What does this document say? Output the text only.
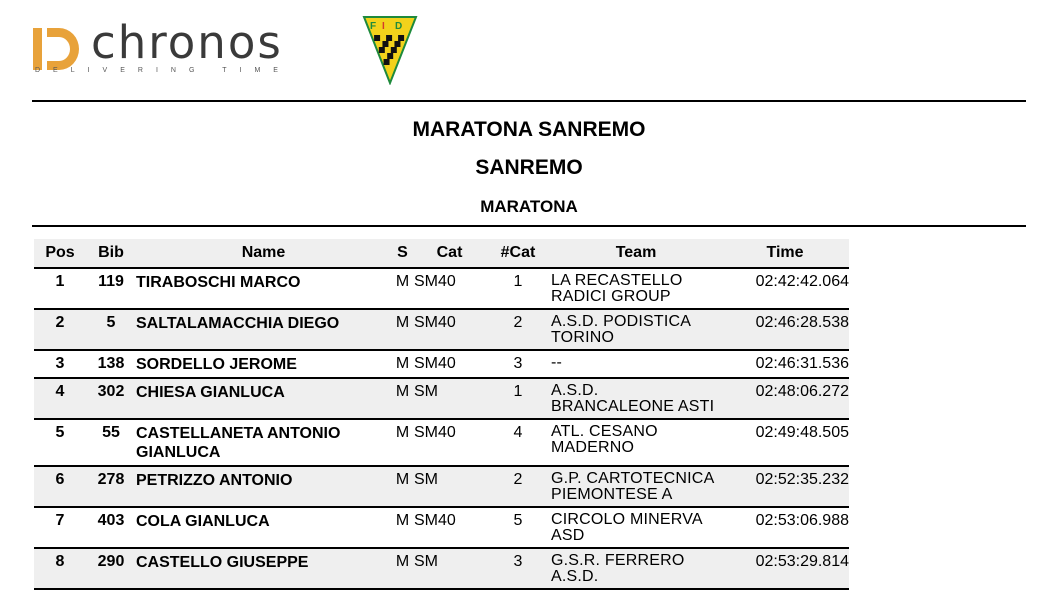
chronos
DELIVERING TIME
F I D
MARATONA SANREMO
SANREMO
MARATONA
Pos	Bib	Name	S	Cat	#Cat	Team	Time
1	119	TIRABOSCHI MARCO	M	SM40	1	LA RECASTELLO RADICI GROUP	02:42:42.064
2	5	SALTALAMACCHIA DIEGO	M	SM40	2	A.S.D. PODISTICA TORINO	02:46:28.538
3	138	SORDELLO JEROME	M	SM40	3	--	02:46:31.536
4	302	CHIESA GIANLUCA	M	SM	1	A.S.D. BRANCALEONE ASTI	02:48:06.272
5	55	CASTELLANETA ANTONIO GIANLUCA	M	SM40	4	ATL. CESANO MADERNO	02:49:48.505
6	278	PETRIZZO ANTONIO	M	SM	2	G.P. CARTOTECNICA PIEMONTESE A	02:52:35.232
7	403	COLA GIANLUCA	M	SM40	5	CIRCOLO MINERVA ASD	02:53:06.988
8	290	CASTELLO GIUSEPPE	M	SM	3	G.S.R. FERRERO A.S.D.	02:53:29.814
